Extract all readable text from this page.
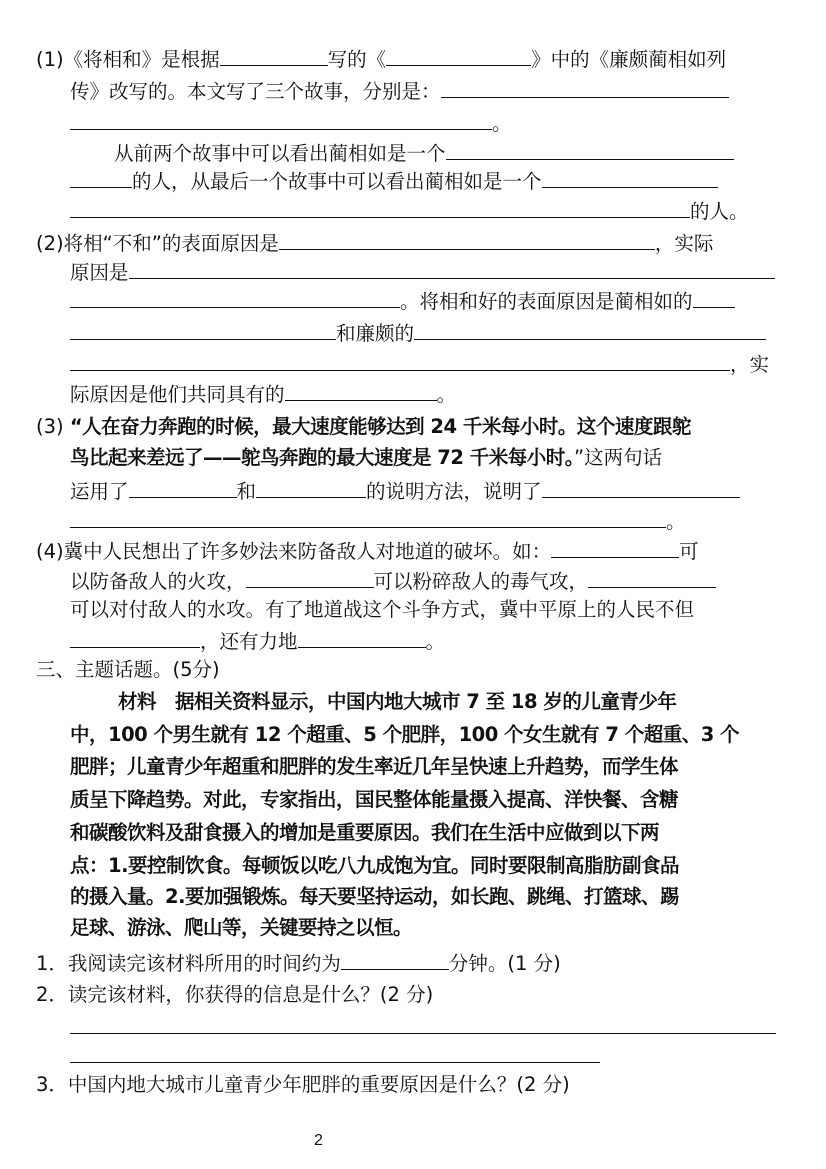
(1)《将相和》是根据	写的《	》中的《廉颇蔺相如列
传》改写的。本文写了三个故事，分别是：
。
从前两个故事中可以看出蔺相如是一个
的人，从最后一个故事中可以看出蔺相如是一个
的人。
(2)将相“不和”的表面原因是	，实际
原因是
。将相和好的表面原因是蔺相如的
和廉颇的
，实
际原因是他们共同具有的	。
(3) “人在奋力奔跑的时候，最大速度能够达到 24 千米每小时。这个速度跟鸵
鸟比起来差远了——鸵鸟奔跑的最大速度是 72 千米每小时。”这两句话
运用了	和	的说明方法，说明了
。
(4)冀中人民想出了许多妙法来防备敌人对地道的破坏。如：	可
以防备敌人的火攻，	可以粉碎敌人的毒气攻，
可以对付敌人的水攻。有了地道战这个斗争方式，冀中平原上的人民不但
，还有力地	。
三、主题话题。(5分)
材料　据相关资料显示，中国内地大城市 7 至 18 岁的儿童青少年
中，100 个男生就有 12 个超重、5 个肥胖，100 个女生就有 7 个超重、3 个
肥胖；儿童青少年超重和肥胖的发生率近几年呈快速上升趋势，而学生体
质呈下降趋势。对此，专家指出，国民整体能量摄入提高、洋快餐、含糖
和碳酸饮料及甜食摄入的增加是重要原因。我们在生活中应做到以下两
点：1.要控制饮食。每顿饭以吃八九成饱为宜。同时要限制高脂肪副食品
的摄入量。2.要加强锻炼。每天要坚持运动，如长跑、跳绳、打篮球、踢
足球、游泳、爬山等，关键要持之以恒。
1．我阅读完该材料所用的时间约为	分钟。(1 分)
2．读完该材料，你获得的信息是什么？(2 分)
3．中国内地大城市儿童青少年肥胖的重要原因是什么？(2 分)
2
